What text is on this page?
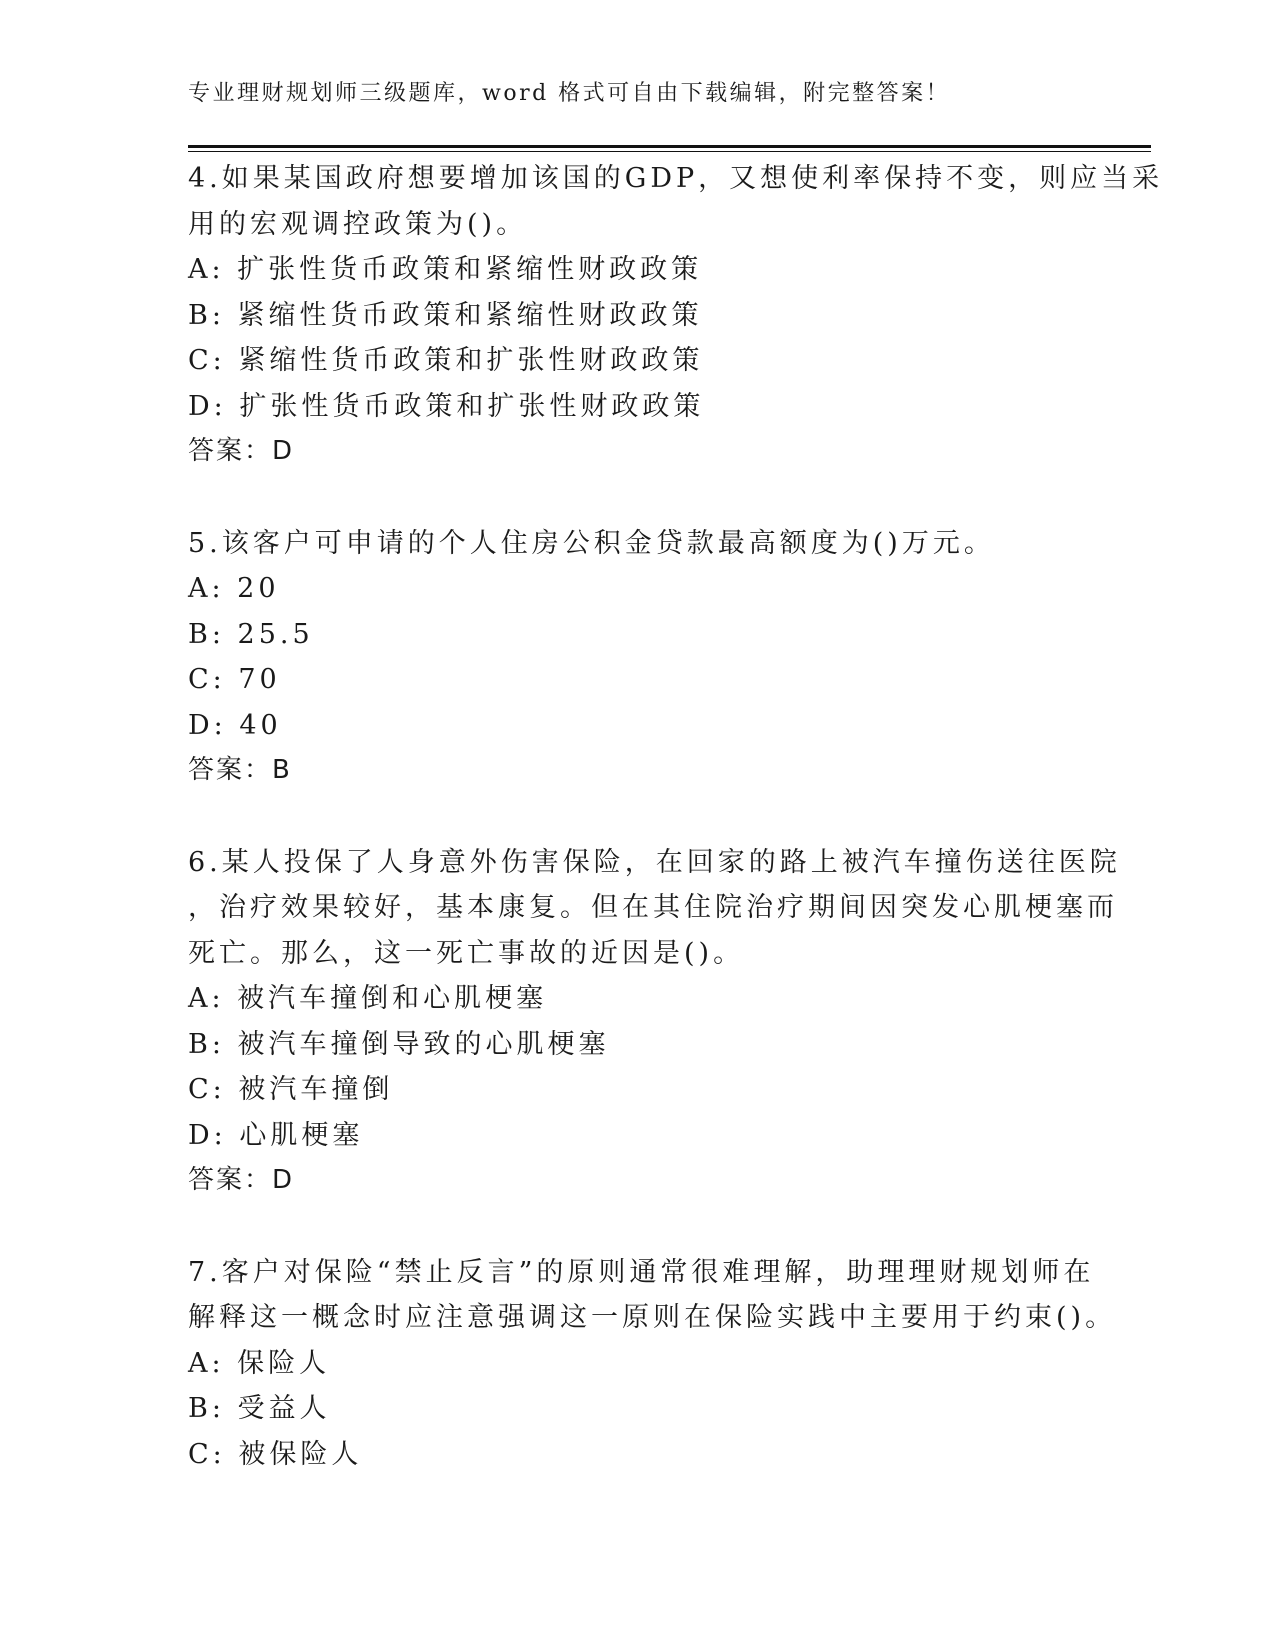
专业理财规划师三级题库，word 格式可自由下载编辑，附完整答案！
4.如果某国政府想要增加该国的GDP，又想使利率保持不变，则应当采
用的宏观调控政策为()。
A: 扩张性货币政策和紧缩性财政政策
B: 紧缩性货币政策和紧缩性财政政策
C: 紧缩性货币政策和扩张性财政政策
D: 扩张性货币政策和扩张性财政政策
答案：D
5.该客户可申请的个人住房公积金贷款最高额度为()万元。
A: 20
B: 25.5
C: 70
D: 40
答案：B
6.某人投保了人身意外伤害保险，在回家的路上被汽车撞伤送往医院
，治疗效果较好，基本康复。但在其住院治疗期间因突发心肌梗塞而
死亡。那么，这一死亡事故的近因是()。
A: 被汽车撞倒和心肌梗塞
B: 被汽车撞倒导致的心肌梗塞
C: 被汽车撞倒
D: 心肌梗塞
答案：D
7.客户对保险“禁止反言”的原则通常很难理解，助理理财规划师在
解释这一概念时应注意强调这一原则在保险实践中主要用于约束()。
A: 保险人
B: 受益人
C: 被保险人
